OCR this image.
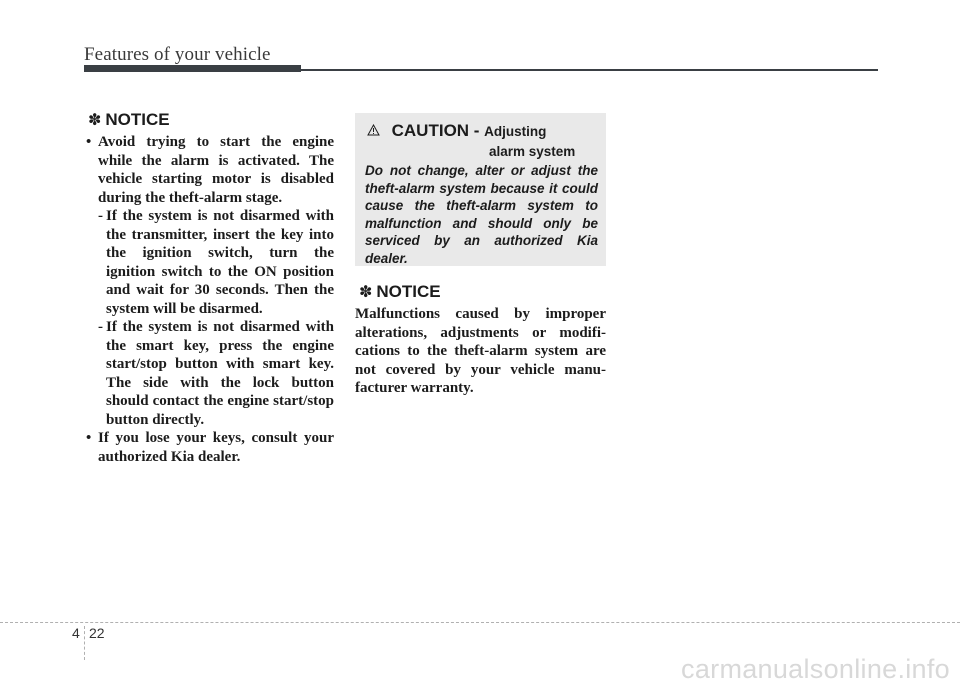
Features of your vehicle
✽ NOTICE
• Avoid trying to start the engine while the alarm is activated. The vehicle starting motor is disabled during the theft-alarm stage.
- If the system is not disarmed with the transmitter, insert the key into the ignition switch, turn the ignition switch to the ON position and wait for 30 seconds. Then the system will be disarmed.
- If the system is not disarmed with the smart key, press the engine start/stop button with smart key. The side with the lock button should contact the engine start/stop button directly.
• If you lose your keys, consult your authorized Kia dealer.
CAUTION - Adjusting
alarm system
Do not change, alter or adjust the theft-alarm system because it could cause the theft-alarm system to malfunction and should only be serviced by an authorized Kia dealer.
✽ NOTICE
Malfunctions caused by improper alterations, adjustments or modifi-cations to the theft-alarm system are not covered by your vehicle manu-facturer warranty.
4 22
carmanualsonline.info
